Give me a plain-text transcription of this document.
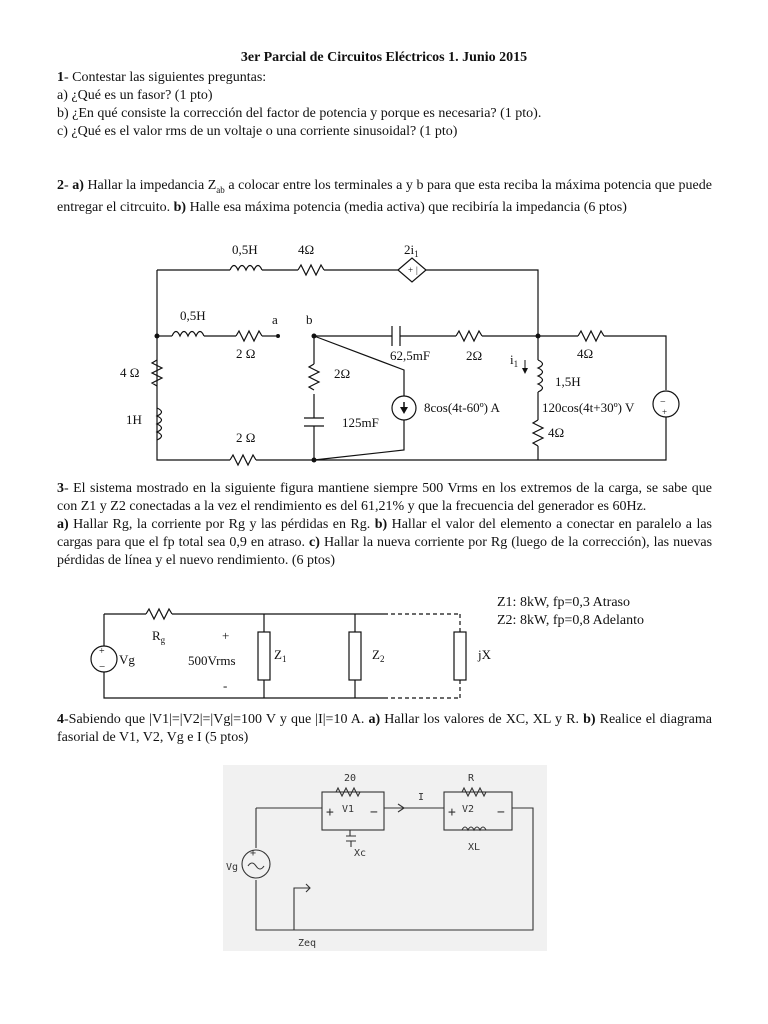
3er Parcial de Circuitos Eléctricos 1. Junio 2015
1- Contestar las siguientes preguntas:
a) ¿Qué es un fasor? (1 pto)
b) ¿En qué consiste la corrección del factor de potencia y porque es necesaria? (1 pto).
c) ¿Qué es el valor rms de un voltaje o una corriente sinusoidal? (1 pto)
2- a) Hallar la impedancia $Z_{ab}$ a colocar entre los terminales a y b para que esta reciba la máxima potencia que puede entregar el citrcuito. b) Halle esa máxima potencia (media activa) que recibiría la impedancia (6 ptos)
+ |
−
+
0,5H	4Ω	$2i_1$
0,5H
2 Ω
a b
4 Ω
1H
2 Ω
2Ω
125mF
62,5mF	2Ω
8cos(4t-60º) A
$i_1$
4Ω
1,5H
120cos(4t+30º) V
4Ω
3- El sistema mostrado en la siguiente figura mantiene siempre 500 Vrms en los extremos de la carga, se sabe que con Z1 y Z2 conectadas a la vez el rendimiento es del 61,21% y que la frecuencia del generador es 60Hz.
a) Hallar Rg, la corriente por Rg y las pérdidas en Rg. b) Hallar el valor del elemento a conectar en paralelo a las cargas para que el fp total sea 0,9 en atraso. c) Hallar la nueva corriente por Rg (luego de la corrección), las nuevas pérdidas de línea y el nuevo rendimiento. (6 ptos)
Z1: 8kW, fp=0,3 Atraso
Z2: 8kW, fp=0,8 Adelanto
+
−
$R_g$
Vg
+
500Vrms
-
$Z_1$	$Z_2$	jX
4-Sabiendo que |V1|=|V2|=|Vg|=100 V y que |I|=10 A. a) Hallar los valores de XC, XL y R. b) Realice el diagrama fasorial de V1, V2, Vg e I (5 ptos)
+
+	−	+	−
20	R
V1	V2
I
Xc
XL
Vg
Zeq
